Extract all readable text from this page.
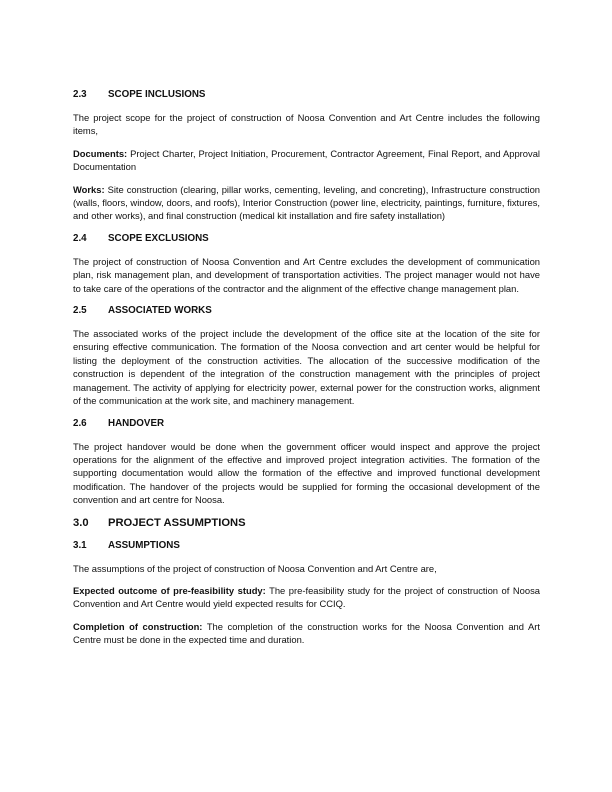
2.3	SCOPE INCLUSIONS

The project scope for the project of construction of Noosa Convention and Art Centre includes the following items,

Documents: Project Charter, Project Initiation, Procurement, Contractor Agreement, Final Report, and Approval Documentation

Works: Site construction (clearing, pillar works, cementing, leveling, and concreting), Infrastructure construction (walls, floors, window, doors, and roofs), Interior Construction (power line, electricity, paintings, furniture, fixtures, and other works), and final construction (medical kit installation and fire safety installation)

2.4	SCOPE EXCLUSIONS

The project of construction of Noosa Convention and Art Centre excludes the development of communication plan, risk management plan, and development of transportation activities. The project manager would not have to take care of the operations of the contractor and the alignment of the effective change management plan.

2.5	ASSOCIATED WORKS

The associated works of the project include the development of the office site at the location of the site for ensuring effective communication. The formation of the Noosa convection and art center would be helpful for listing the deployment of the construction activities. The allocation of the successive modification of the construction is dependent of the integration of the construction management with the principles of project management. The activity of applying for electricity power, external power for the construction works, alignment of the communication at the work site, and machinery management.

2.6	HANDOVER

The project handover would be done when the government officer would inspect and approve the project operations for the alignment of the effective and improved project integration activities. The formation of the supporting documentation would allow the formation of the effective and improved functional development modification. The handover of the projects would be supplied for forming the occasional development of the convention and art centre for Noosa.

3.0	PROJECT ASSUMPTIONS
3.1	ASSUMPTIONS

The assumptions of the project of construction of Noosa Convention and Art Centre are,

Expected outcome of pre-feasibility study: The pre-feasibility study for the project of construction of Noosa Convention and Art Centre would yield expected results for CCIQ.

Completion of construction: The completion of the construction works for the Noosa Convention and Art Centre must be done in the expected time and duration.
